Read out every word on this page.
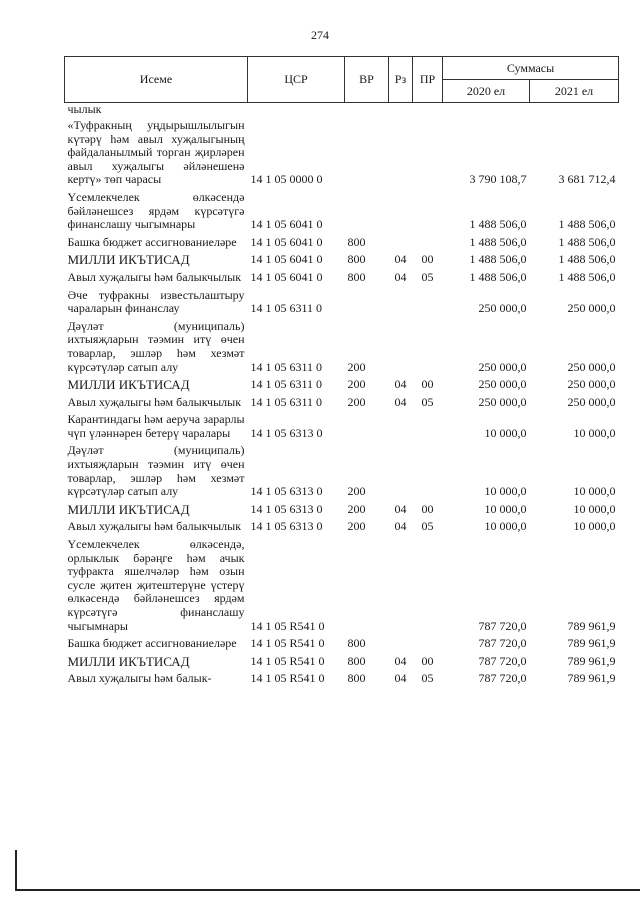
274
Исеме	ЦСР	ВР	Рз	ПР	Суммасы	
					2020 ел	2021 ел
чылык						
«Туфракның уңдырышлылыгын күтәрү һәм авыл хуҗалыгының файдаланылмый торган җирләрен авыл хуҗалыгы әйләнешенә кертү» төп чарасы	14 1 05 0000 0				3 790 108,7	3 681 712,4
Үсемлекчелек өлкәсендә бәйләнешсез ярдәм күрсәтүгә финанслашу чыгымнары	14 1 05 6041 0				1 488 506,0	1 488 506,0
Башка бюджет ассигнованиеләре	14 1 05 6041 0	800			1 488 506,0	1 488 506,0
МИЛЛИ ИКЪТИСАД	14 1 05 6041 0	800	04	00	1 488 506,0	1 488 506,0
Авыл хуҗалыгы һәм балыкчылык	14 1 05 6041 0	800	04	05	1 488 506,0	1 488 506,0
Әче туфракны известьлаштыру чараларын финанслау	14 1 05 6311 0				250 000,0	250 000,0
Дәүләт (муниципаль) ихтыяҗларын тәэмин итү өчен товарлар, эшләр һәм хезмәт күрсәтүләр сатып алу	14 1 05 6311 0	200			250 000,0	250 000,0
МИЛЛИ ИКЪТИСАД	14 1 05 6311 0	200	04	00	250 000,0	250 000,0
Авыл хуҗалыгы һәм балыкчылык	14 1 05 6311 0	200	04	05	250 000,0	250 000,0
Карантиндагы һәм аеруча зарарлы чүп үләннәрен бетерү чаралары	14 1 05 6313 0				10 000,0	10 000,0
Дәүләт (муниципаль) ихтыяҗларын тәэмин итү өчен товарлар, эшләр һәм хезмәт күрсәтүләр сатып алу	14 1 05 6313 0	200			10 000,0	10 000,0
МИЛЛИ ИКЪТИСАД	14 1 05 6313 0	200	04	00	10 000,0	10 000,0
Авыл хуҗалыгы һәм балыкчылык	14 1 05 6313 0	200	04	05	10 000,0	10 000,0
Үсемлекчелек өлкәсендә, орлыклык бәрәңге һәм ачык туфракта яшелчәләр һәм озын сусле җитен җитештерүне үстерү өлкәсендә бәйләнешсез ярдәм күрсәтүгә финанслашу чыгымнары	14 1 05 R541 0				787 720,0	789 961,9
Башка бюджет ассигнованиеләре	14 1 05 R541 0	800			787 720,0	789 961,9
МИЛЛИ ИКЪТИСАД	14 1 05 R541 0	800	04	00	787 720,0	789 961,9
Авыл хуҗалыгы һәм балык-	14 1 05 R541 0	800	04	05	787 720,0	789 961,9
